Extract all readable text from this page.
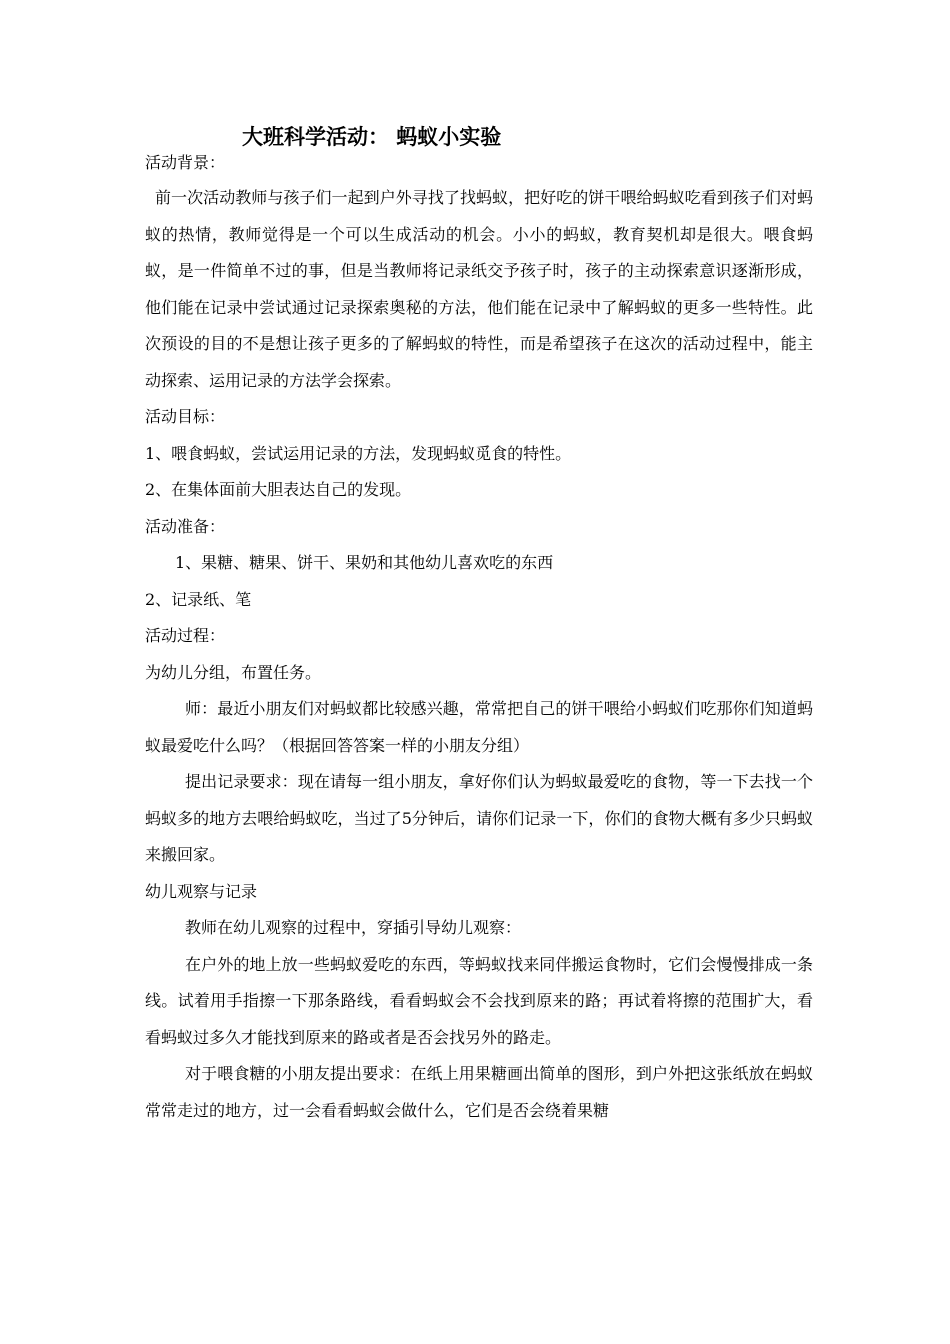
大班科学活动： 蚂蚁小实验

活动背景：

前一次活动教师与孩子们一起到户外寻找了找蚂蚁，把好吃的饼干喂给蚂蚁吃看到孩子们对蚂蚁的热情，教师觉得是一个可以生成活动的机会。小小的蚂蚁，教育契机却是很大。喂食蚂蚁，是一件简单不过的事，但是当教师将记录纸交予孩子时，孩子的主动探索意识逐渐形成，他们能在记录中尝试通过记录探索奥秘的方法，他们能在记录中了解蚂蚁的更多一些特性。此次预设的目的不是想让孩子更多的了解蚂蚁的特性，而是希望孩子在这次的活动过程中，能主动探索、运用记录的方法学会探索。

活动目标：

1、喂食蚂蚁，尝试运用记录的方法，发现蚂蚁觅食的特性。

2、在集体面前大胆表达自己的发现。

活动准备：

1、果糖、糖果、饼干、果奶和其他幼儿喜欢吃的东西

2、记录纸、笔

活动过程：

为幼儿分组，布置任务。

师：最近小朋友们对蚂蚁都比较感兴趣，常常把自己的饼干喂给小蚂蚁们吃那你们知道蚂蚁最爱吃什么吗？（根据回答答案一样的小朋友分组）

提出记录要求：现在请每一组小朋友，拿好你们认为蚂蚁最爱吃的食物，等一下去找一个蚂蚁多的地方去喂给蚂蚁吃，当过了5分钟后，请你们记录一下，你们的食物大概有多少只蚂蚁来搬回家。

幼儿观察与记录

教师在幼儿观察的过程中，穿插引导幼儿观察：

在户外的地上放一些蚂蚁爱吃的东西，等蚂蚁找来同伴搬运食物时，它们会慢慢排成一条线。试着用手指擦一下那条路线，看看蚂蚁会不会找到原来的路；再试着将擦的范围扩大，看看蚂蚁过多久才能找到原来的路或者是否会找另外的路走。

对于喂食糖的小朋友提出要求：在纸上用果糖画出简单的图形，到户外把这张纸放在蚂蚁常常走过的地方，过一会看看蚂蚁会做什么，它们是否会绕着果糖
